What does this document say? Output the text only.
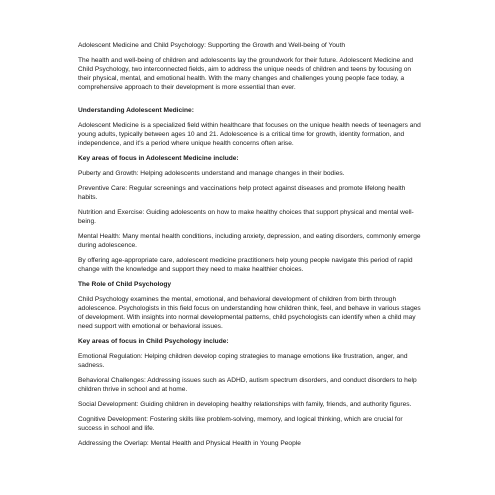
Adolescent Medicine and Child Psychology: Supporting the Growth and Well-being of Youth

The health and well-being of children and adolescents lay the groundwork for their future. Adolescent Medicine and Child Psychology, two interconnected fields, aim to address the unique needs of children and teens by focusing on their physical, mental, and emotional health. With the many changes and challenges young people face today, a comprehensive approach to their development is more essential than ever.

Understanding Adolescent Medicine:

Adolescent Medicine is a specialized field within healthcare that focuses on the unique health needs of teenagers and young adults, typically between ages 10 and 21. Adolescence is a critical time for growth, identity formation, and independence, and it's a period where unique health concerns often arise.

Key areas of focus in Adolescent Medicine include:

Puberty and Growth: Helping adolescents understand and manage changes in their bodies.

Preventive Care: Regular screenings and vaccinations help protect against diseases and promote lifelong health habits.

Nutrition and Exercise: Guiding adolescents on how to make healthy choices that support physical and mental well-being.

Mental Health: Many mental health conditions, including anxiety, depression, and eating disorders, commonly emerge during adolescence.

By offering age-appropriate care, adolescent medicine practitioners help young people navigate this period of rapid change with the knowledge and support they need to make healthier choices.

The Role of Child Psychology

Child Psychology examines the mental, emotional, and behavioral development of children from birth through adolescence. Psychologists in this field focus on understanding how children think, feel, and behave in various stages of development. With insights into normal developmental patterns, child psychologists can identify when a child may need support with emotional or behavioral issues.

Key areas of focus in Child Psychology include:

Emotional Regulation: Helping children develop coping strategies to manage emotions like frustration, anger, and sadness.

Behavioral Challenges: Addressing issues such as ADHD, autism spectrum disorders, and conduct disorders to help children thrive in school and at home.

Social Development: Guiding children in developing healthy relationships with family, friends, and authority figures.

Cognitive Development: Fostering skills like problem-solving, memory, and logical thinking, which are crucial for success in school and life.

Addressing the Overlap: Mental Health and Physical Health in Young People
